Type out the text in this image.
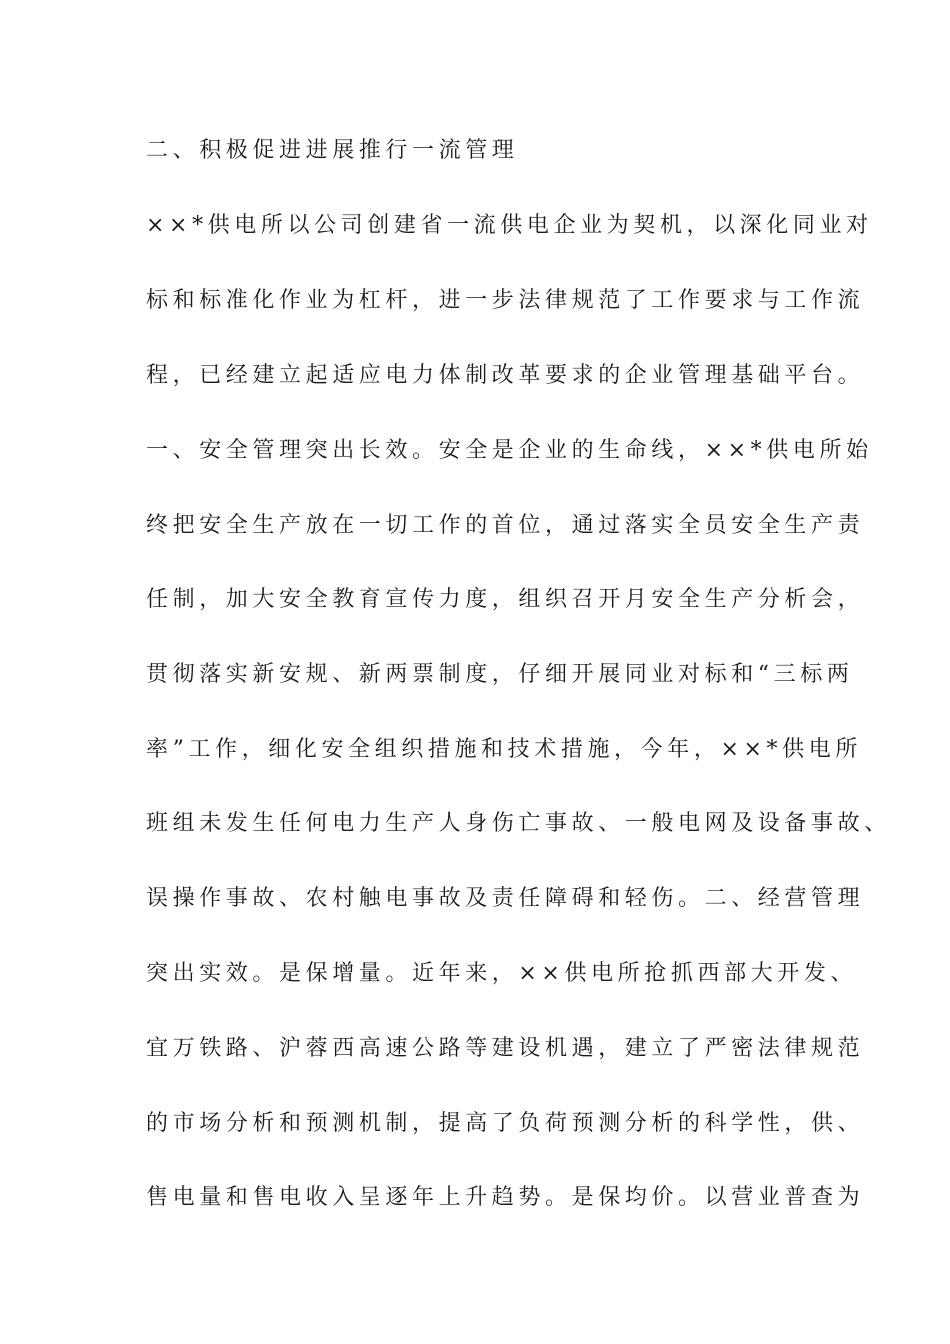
二、积极促进进展推行一流管理
××*供电所以公司创建省一流供电企业为契机，以深化同业对
标和标准化作业为杠杆，进一步法律规范了工作要求与工作流
程，已经建立起适应电力体制改革要求的企业管理基础平台。
一、安全管理突出长效。安全是企业的生命线，××*供电所始
终把安全生产放在一切工作的首位，通过落实全员安全生产责
任制，加大安全教育宣传力度，组织召开月安全生产分析会，
贯彻落实新安规、新两票制度，仔细开展同业对标和“三标两
率”工作，细化安全组织措施和技术措施，今年，××*供电所
班组未发生任何电力生产人身伤亡事故、一般电网及设备事故、
误操作事故、农村触电事故及责任障碍和轻伤。二、经营管理
突出实效。是保增量。近年来，××供电所抢抓西部大开发、
宜万铁路、沪蓉西高速公路等建设机遇，建立了严密法律规范
的市场分析和预测机制，提高了负荷预测分析的科学性，供、
售电量和售电收入呈逐年上升趋势。是保均价。以营业普查为
